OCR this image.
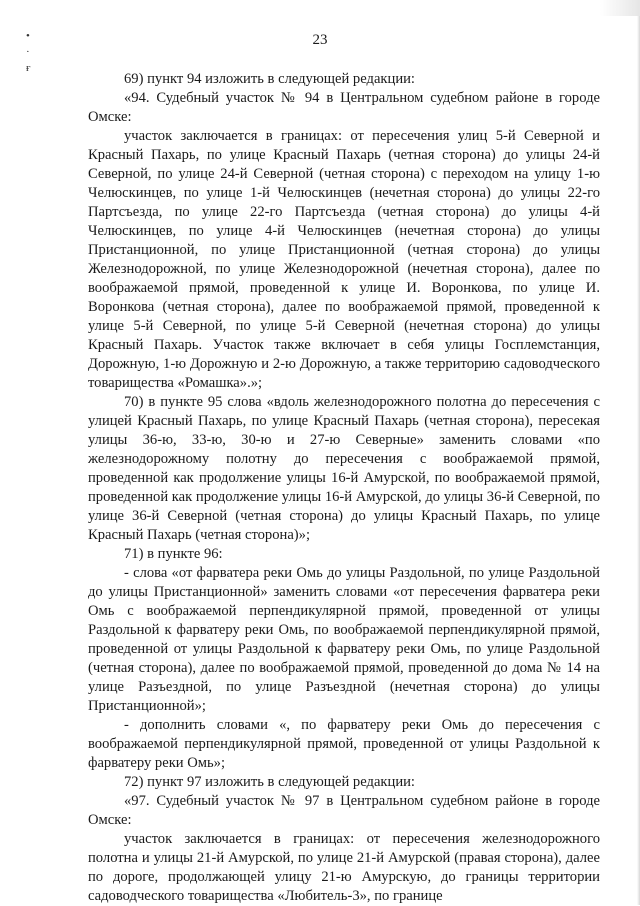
•
·
ғ
23

69) пункт 94 изложить в следующей редакции:

«94. Судебный участок № 94 в Центральном судебном районе в городе Омске:

участок заключается в границах: от пересечения улиц 5-й Северной и Красный Пахарь, по улице Красный Пахарь (четная сторона) до улицы 24-й Северной, по улице 24-й Северной (четная сторона) с переходом на улицу 1-ю Челюскинцев, по улице 1-й Челюскинцев (нечетная сторона) до улицы 22-го Партсъезда, по улице 22-го Партсъезда (четная сторона) до улицы 4-й Челюскинцев, по улице 4-й Челюскинцев (нечетная сторона) до улицы Пристанционной, по улице Пристанционной (четная сторона) до улицы Железнодорожной, по улице Железнодорожной (нечетная сторона), далее по воображаемой прямой, проведенной к улице И. Воронкова, по улице И. Воронкова (четная сторона), далее по воображаемой прямой, проведенной к улице 5-й Северной, по улице 5-й Северной (нечетная сторона) до улицы Красный Пахарь. Участок также включает в себя улицы Госплемстанция, Дорожную, 1-ю Дорожную и 2-ю Дорожную, а также территорию садоводческого товарищества «Ромашка».»;

70) в пункте 95 слова «вдоль железнодорожного полотна до пересечения с улицей Красный Пахарь, по улице Красный Пахарь (четная сторона), пересекая улицы 36-ю, 33-ю, 30-ю и 27-ю Северные» заменить словами «по железнодорожному полотну до пересечения с воображаемой прямой, проведенной как продолжение улицы 16-й Амурской, по воображаемой прямой, проведенной как продолжение улицы 16-й Амурской, до улицы 36-й Северной, по улице 36-й Северной (четная сторона) до улицы Красный Пахарь, по улице Красный Пахарь (четная сторона)»;

71) в пункте 96:

- слова «от фарватера реки Омь до улицы Раздольной, по улице Раздольной до улицы Пристанционной» заменить словами «от пересечения фарватера реки Омь с воображаемой перпендикулярной прямой, проведенной от улицы Раздольной к фарватеру реки Омь, по воображаемой перпендикулярной прямой, проведенной от улицы Раздольной к фарватеру реки Омь, по улице Раздольной (четная сторона), далее по воображаемой прямой, проведенной до дома № 14 на улице Разъездной, по улице Разъездной (нечетная сторона) до улицы Пристанционной»;

- дополнить словами «, по фарватеру реки Омь до пересечения с воображаемой перпендикулярной прямой, проведенной от улицы Раздольной к фарватеру реки Омь»;

72) пункт 97 изложить в следующей редакции:

«97. Судебный участок № 97 в Центральном судебном районе в городе Омске:

участок заключается в границах: от пересечения железнодорожного полотна и улицы 21-й Амурской, по улице 21-й Амурской (правая сторона), далее по дороге, продолжающей улицу 21-ю Амурскую, до границы территории садоводческого товарищества «Любитель-3», по границе
